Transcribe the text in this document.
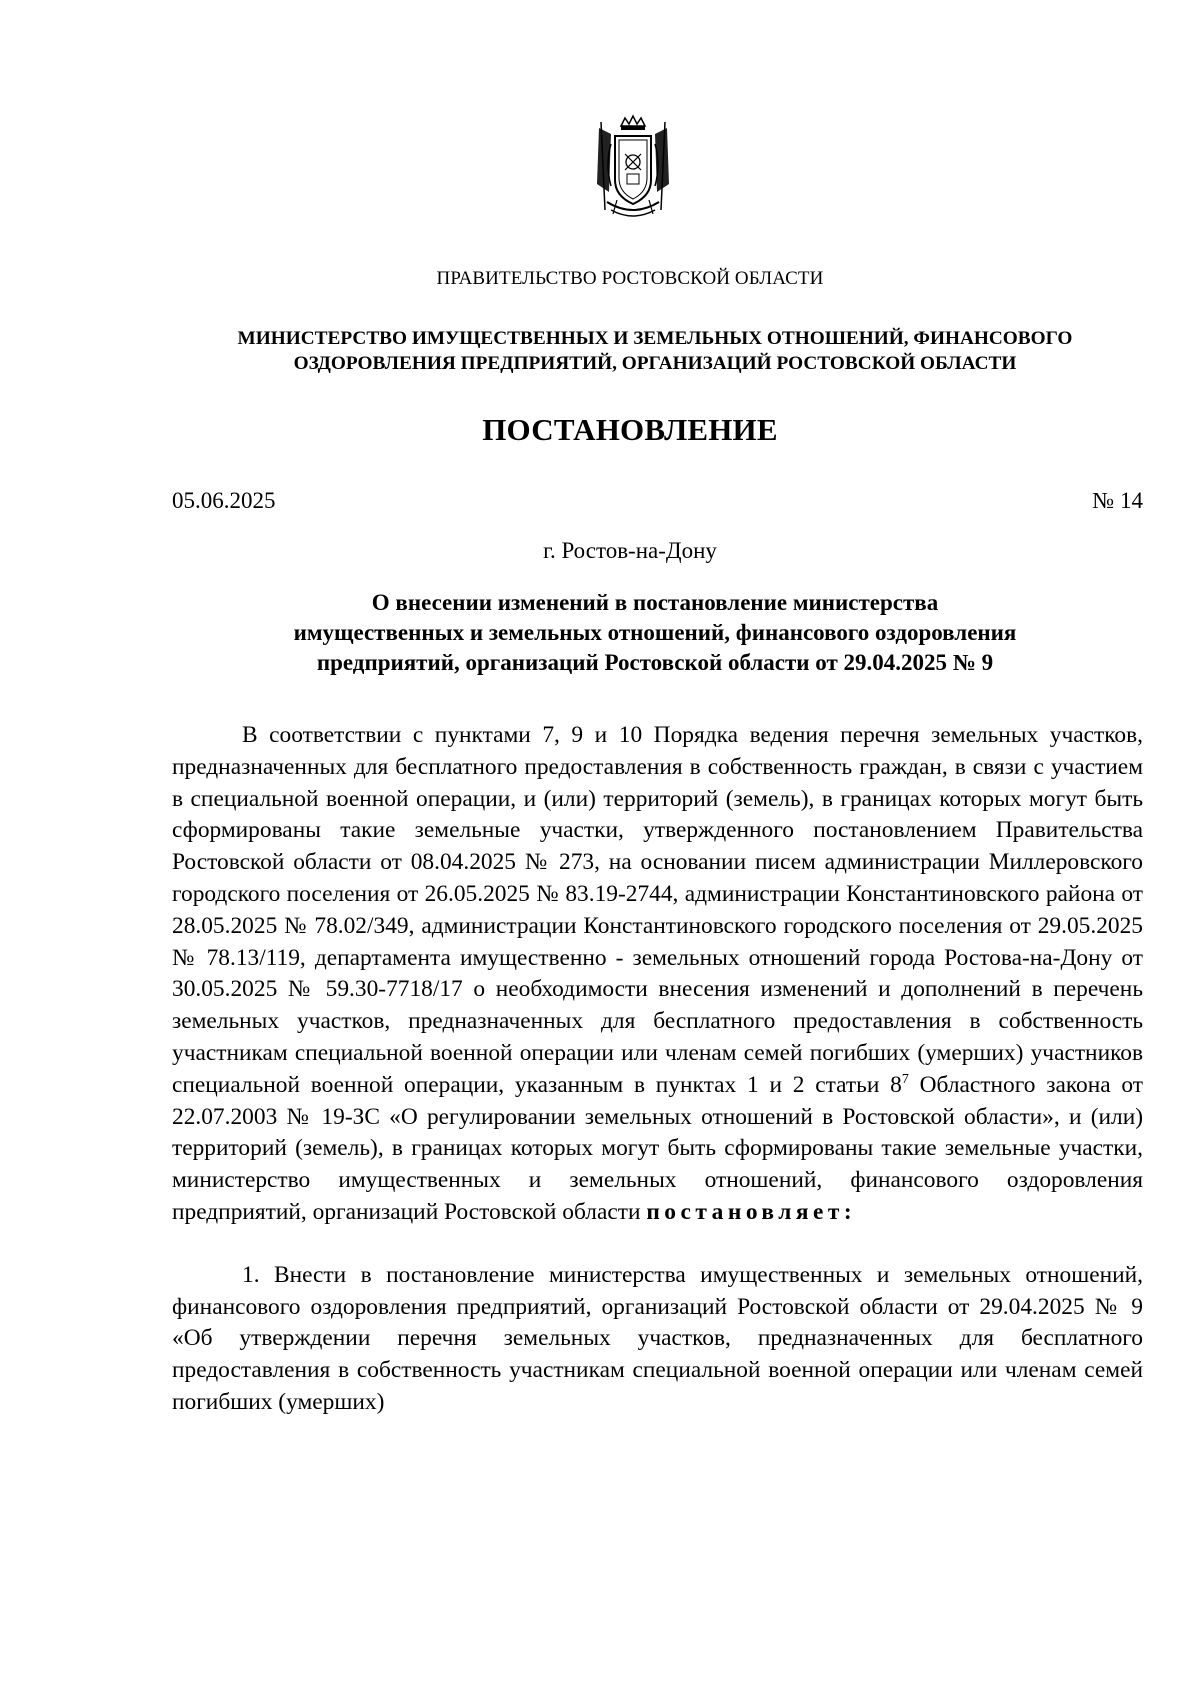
ПРАВИТЕЛЬСТВО РОСТОВСКОЙ ОБЛАСТИ
МИНИСТЕРСТВО ИМУЩЕСТВЕННЫХ И ЗЕМЕЛЬНЫХ ОТНОШЕНИЙ, ФИНАНСОВОГО
ОЗДОРОВЛЕНИЯ ПРЕДПРИЯТИЙ, ОРГАНИЗАЦИЙ РОСТОВСКОЙ ОБЛАСТИ
ПОСТАНОВЛЕНИЕ
05.06.2025	№ 14
г. Ростов-на-Дону
О внесении изменений в постановление министерства
имущественных и земельных отношений, финансового оздоровления
предприятий, организаций Ростовской области от 29.04.2025 № 9

В соответствии с пунктами 7, 9 и 10 Порядка ведения перечня земельных участков, предназначенных для бесплатного предоставления в собственность граждан, в связи с участием в специальной военной операции, и (или) территорий (земель), в границах которых могут быть сформированы такие земельные участки, утвержденного постановлением Правительства Ростовской области от 08.04.2025 № 273, на основании писем администрации Миллеровского городского поселения от 26.05.2025 № 83.19-2744, администрации Константиновского района от 28.05.2025 № 78.02/349, администрации Константиновского городского поселения от 29.05.2025 № 78.13/119, департамента имущественно - земельных отношений города Ростова-на-Дону от 30.05.2025 № 59.30-7718/17 о необходимости внесения изменений и дополнений в перечень земельных участков, предназначенных для бесплатного предоставления в собственность участникам специальной военной операции или членам семей погибших (умерших) участников специальной военной операции, указанным в пунктах 1 и 2 статьи $8^7$ Областного закона от 22.07.2003 № 19-ЗС «О регулировании земельных отношений в Ростовской области», и (или) территорий (земель), в границах которых могут быть сформированы такие земельные участки, министерство имущественных и земельных отношений, финансового оздоровления предприятий, организаций Ростовской области постановляет:

1. Внести в постановление министерства имущественных и земельных отношений, финансового оздоровления предприятий, организаций Ростовской области от 29.04.2025 № 9 «Об утверждении перечня земельных участков, предназначенных для бесплатного предоставления в собственность участникам специальной военной операции или членам семей погибших (умерших)
